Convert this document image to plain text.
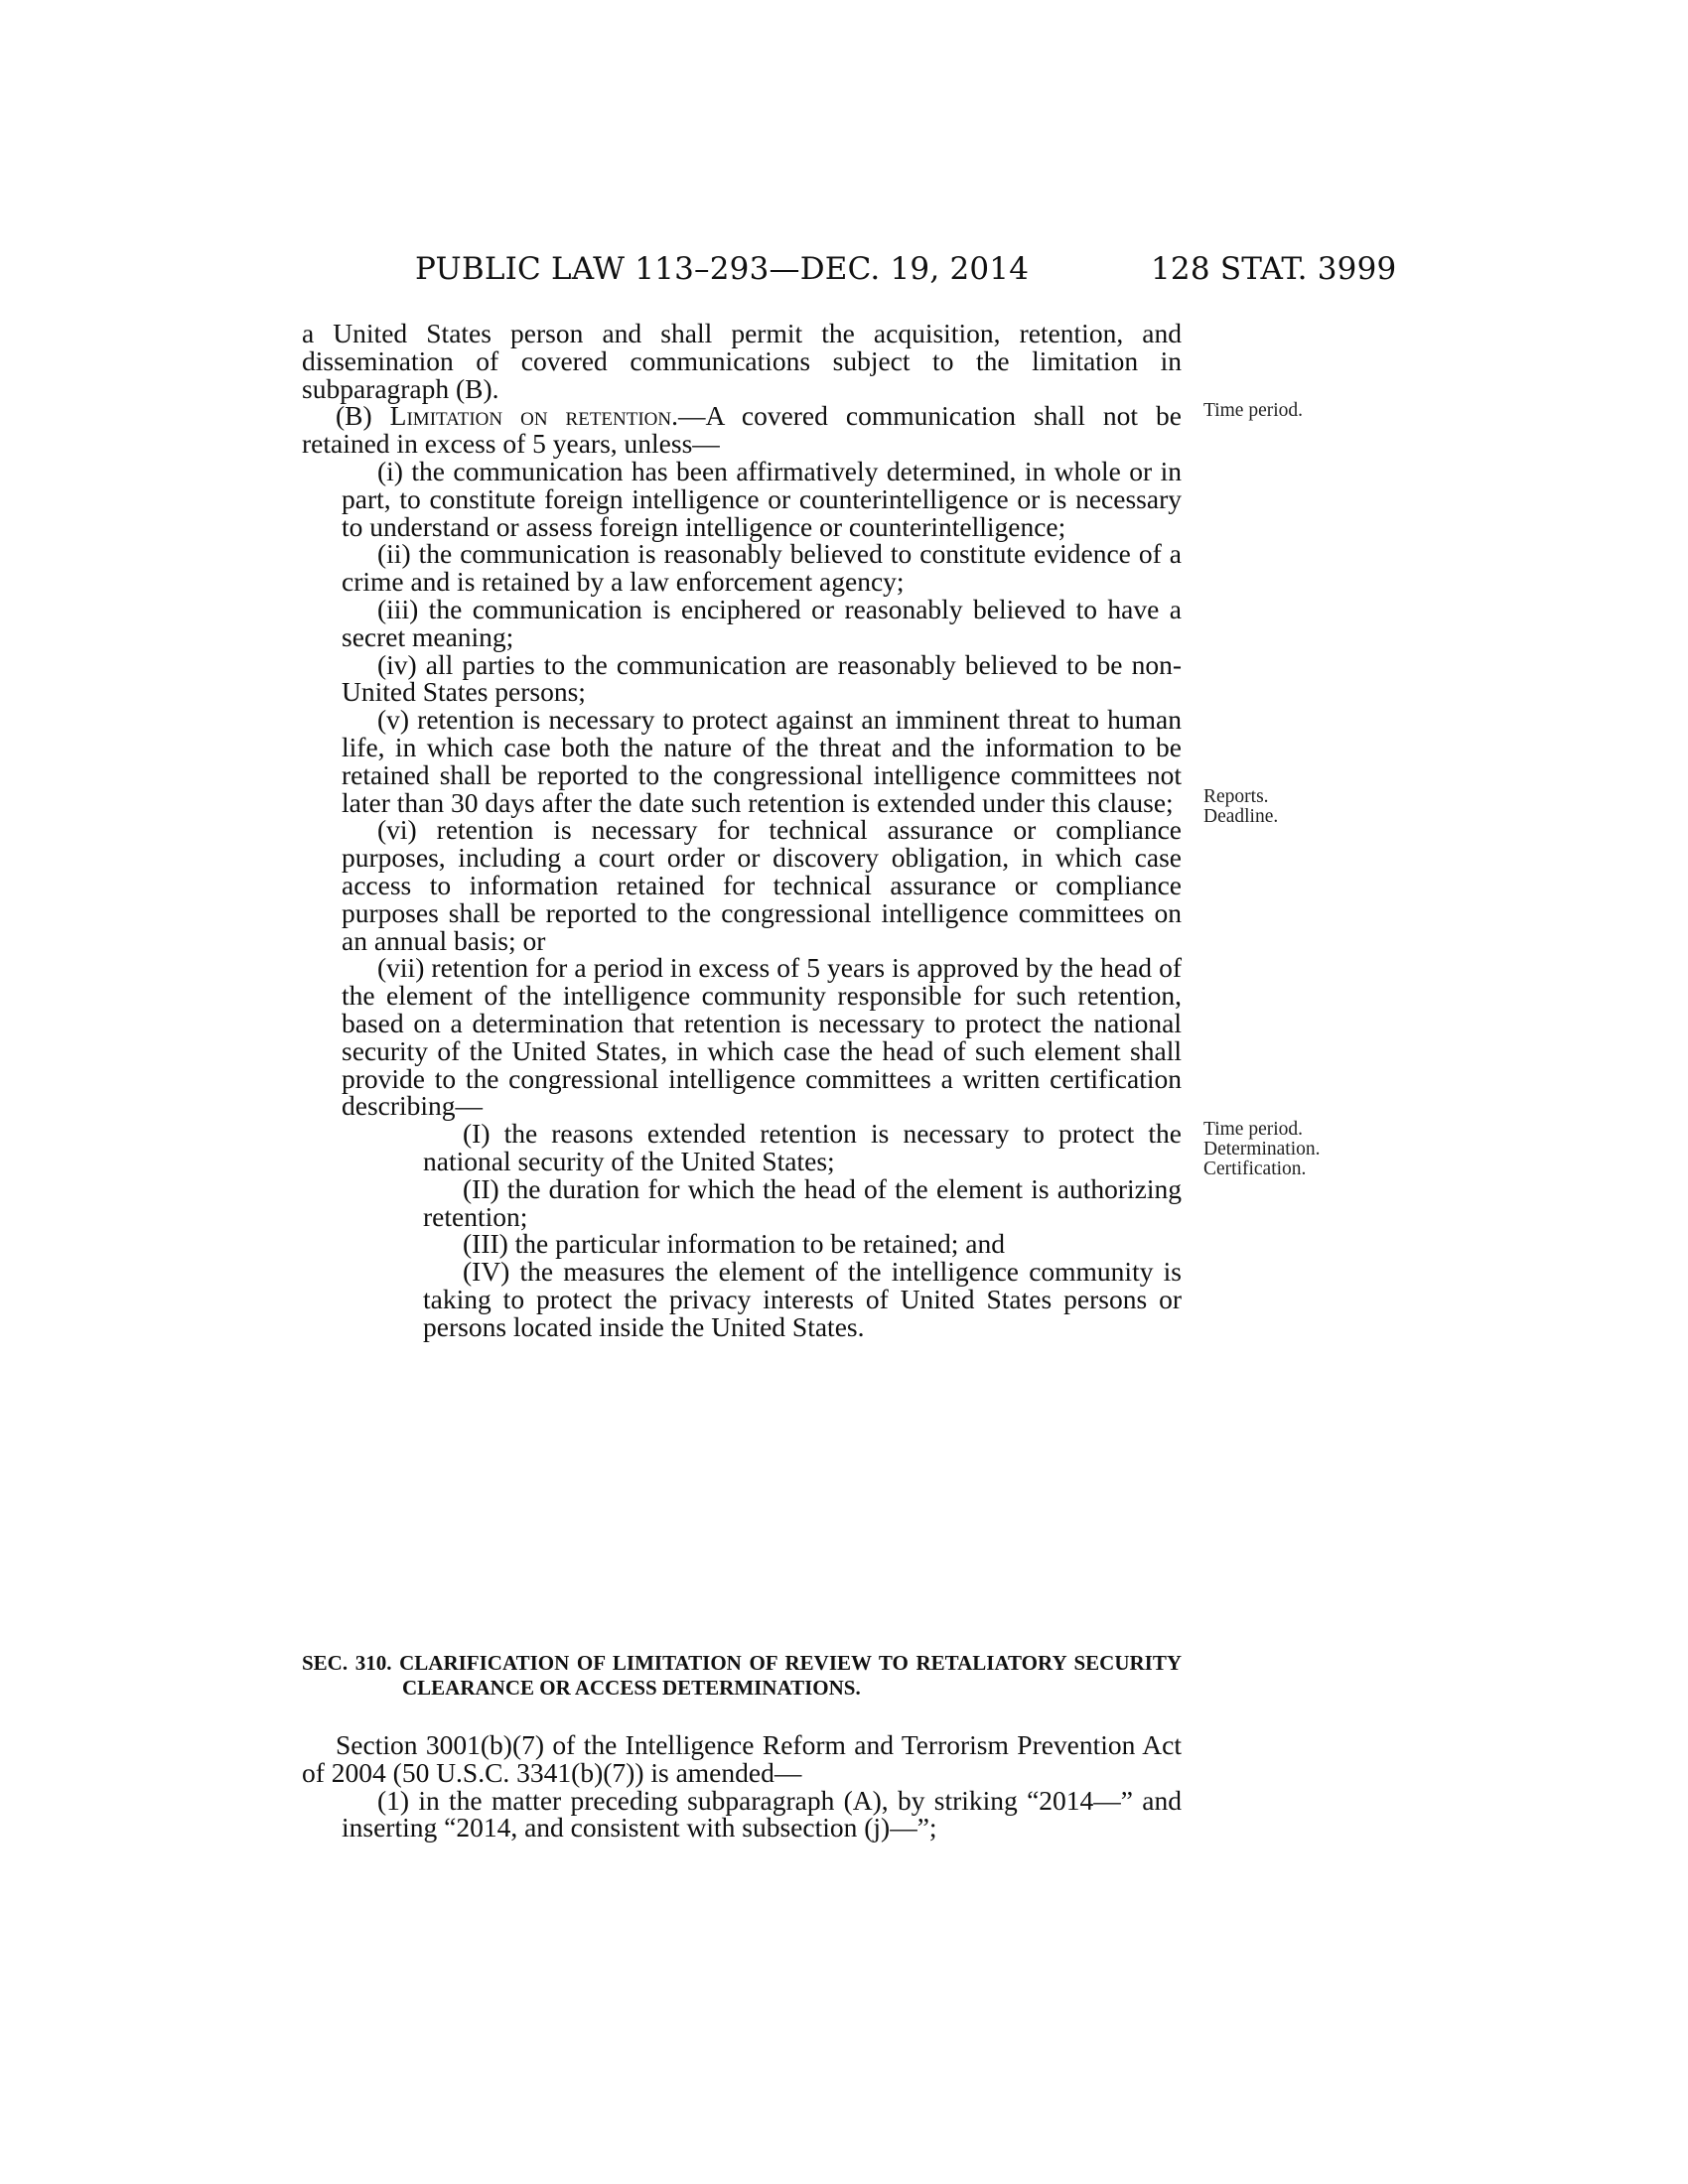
PUBLIC LAW 113–293—DEC. 19, 2014	128 STAT. 3999

a United States person and shall permit the acquisition, retention, and dissemination of covered communications subject to the limitation in subparagraph (B).

(B) Limitation on retention.—A covered communication shall not be retained in excess of 5 years, unless—

(i) the communication has been affirmatively determined, in whole or in part, to constitute foreign intelligence or counterintelligence or is necessary to understand or assess foreign intelligence or counterintelligence;

(ii) the communication is reasonably believed to constitute evidence of a crime and is retained by a law enforcement agency;

(iii) the communication is enciphered or reasonably believed to have a secret meaning;

(iv) all parties to the communication are reasonably believed to be non-United States persons;

(v) retention is necessary to protect against an imminent threat to human life, in which case both the nature of the threat and the information to be retained shall be reported to the congressional intelligence committees not later than 30 days after the date such retention is extended under this clause;

(vi) retention is necessary for technical assurance or compliance purposes, including a court order or discovery obligation, in which case access to information retained for technical assurance or compliance purposes shall be reported to the congressional intelligence committees on an annual basis; or

(vii) retention for a period in excess of 5 years is approved by the head of the element of the intelligence community responsible for such retention, based on a determination that retention is necessary to protect the national security of the United States, in which case the head of such element shall provide to the congressional intelligence committees a written certification describing—

(I) the reasons extended retention is necessary to protect the national security of the United States;

(II) the duration for which the head of the element is authorizing retention;

(III) the particular information to be retained; and

(IV) the measures the element of the intelligence community is taking to protect the privacy interests of United States persons or persons located inside the United States.

SEC. 310. CLARIFICATION OF LIMITATION OF REVIEW TO RETALIATORY SECURITY CLEARANCE OR ACCESS DETERMINATIONS.

Section 3001(b)(7) of the Intelligence Reform and Terrorism Prevention Act of 2004 (50 U.S.C. 3341(b)(7)) is amended—

(1) in the matter preceding subparagraph (A), by striking “2014—” and inserting “2014, and consistent with subsection (j)—”;

Time period.
Reports.
Deadline.
Time period.
Determination.
Certification.
